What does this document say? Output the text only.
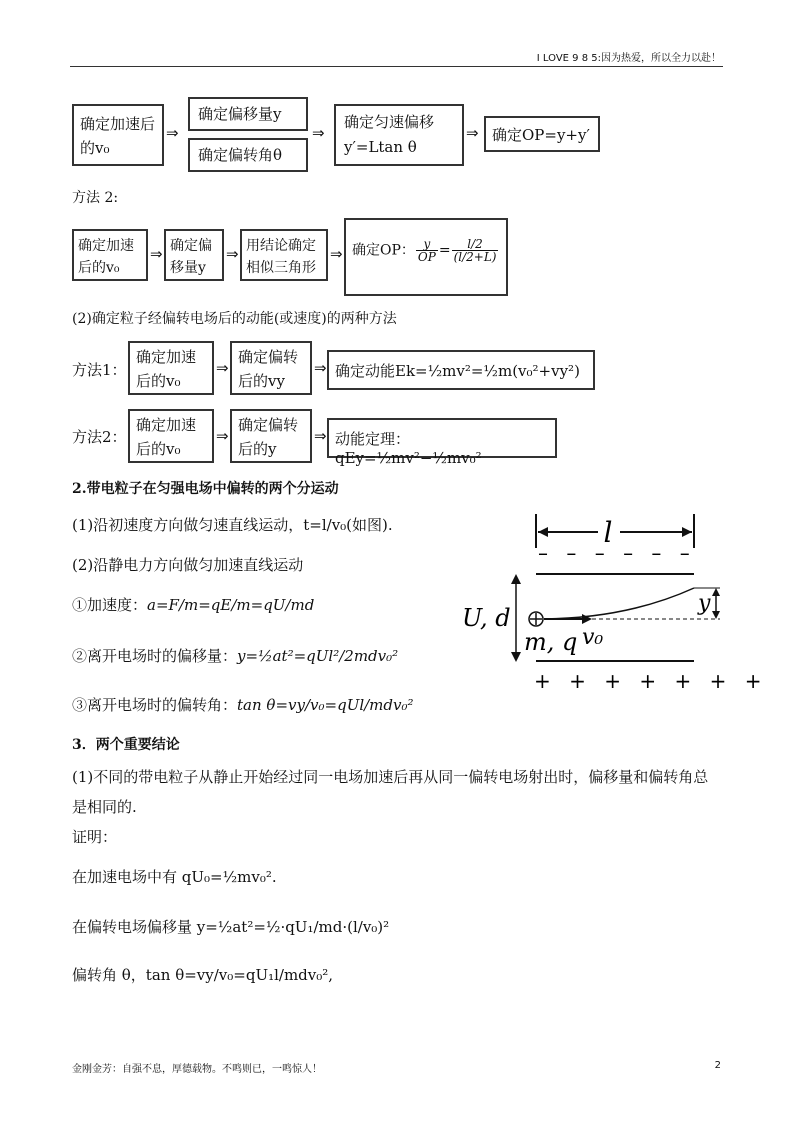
I LOVE 9 8 5:因为热爱，所以全力以赴！
确定加速后的v₀
⇒
确定偏移量y
确定偏转角θ
⇒
确定匀速偏移
y′=Ltan θ
⇒ 确定OP=y+y′
方法 2:
确定加速后的v₀
⇒ 确定偏移量y
⇒ 用结论确定相似三角形
⇒ 确定OP： $\frac{y}{OP} = \frac{l/2}{(l/2+L)}$
(2)确定粒子经偏转电场后的动能(或速度)的两种方法
方法1：
确定加速后的v₀
⇒
确定偏转后的vy
⇒ 确定动能Ek=½mv²=½m(v₀²+vy²)
方法2：
确定加速后的v₀
⇒
确定偏转后的y
⇒ 动能定理：qEy=½mv²−½mv₀²
2.带电粒子在匀强电场中偏转的两个分运动
(1)沿初速度方向做匀速直线运动，t=l/v₀(如图).
(2)沿静电力方向做匀加速直线运动
①加速度：a=F/m=qE/m=qU/md
②离开电场时的偏移量：y=½at²=qUl²/2mdv₀²
③离开电场时的偏转角：tan θ=vy/v₀=qUl/mdv₀²
l
– – – – – –
+ + + + + + +
U, d
y
m, q v₀
3．两个重要结论
(1)不同的带电粒子从静止开始经过同一电场加速后再从同一偏转电场射出时，偏移量和偏转角总是相同的.
证明：
在加速电场中有 qU₀=½mv₀².
在偏转电场偏移量 y=½at²=½·qU₁/md·(l/v₀)²
偏转角 θ，tan θ=vy/v₀=qU₁l/mdv₀²,
金刚金芳：自强不息，厚德载物。不鸣则已，一鸣惊人！	2
